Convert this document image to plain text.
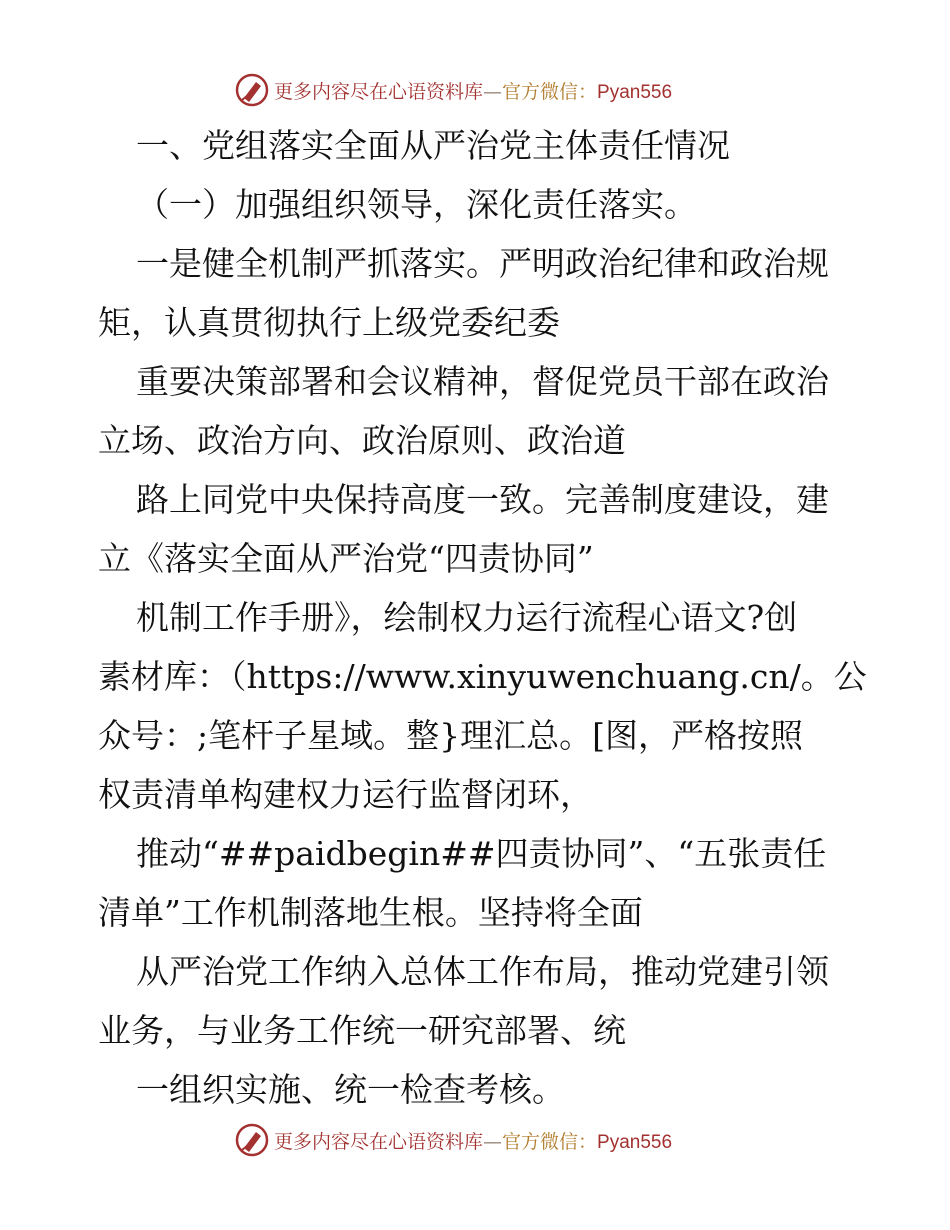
更多内容尽在心语资料库—官方微信：Pyan556
一、党组落实全面从严治党主体责任情况
（一）加强组织领导，深化责任落实。
一是健全机制严抓落实。严明政治纪律和政治规
矩，认真贯彻执行上级党委纪委
重要决策部署和会议精神，督促党员干部在政治
立场、政治方向、政治原则、政治道
路上同党中央保持高度一致。完善制度建设，建
立《落实全面从严治党“四责协同”
机制工作手册》，绘制权力运行流程心语文?创
素材库：（https://www.xinyuwenchuang.cn/。公
众号：;笔杆子星域。整}理汇总。[图，严格按照
权责清单构建权力运行监督闭环，
推动“##paidbegin##四责协同”、“五张责任
清单”工作机制落地生根。坚持将全面
从严治党工作纳入总体工作布局，推动党建引领
业务，与业务工作统一研究部署、统
一组织实施、统一检查考核。
更多内容尽在心语资料库—官方微信：Pyan556
